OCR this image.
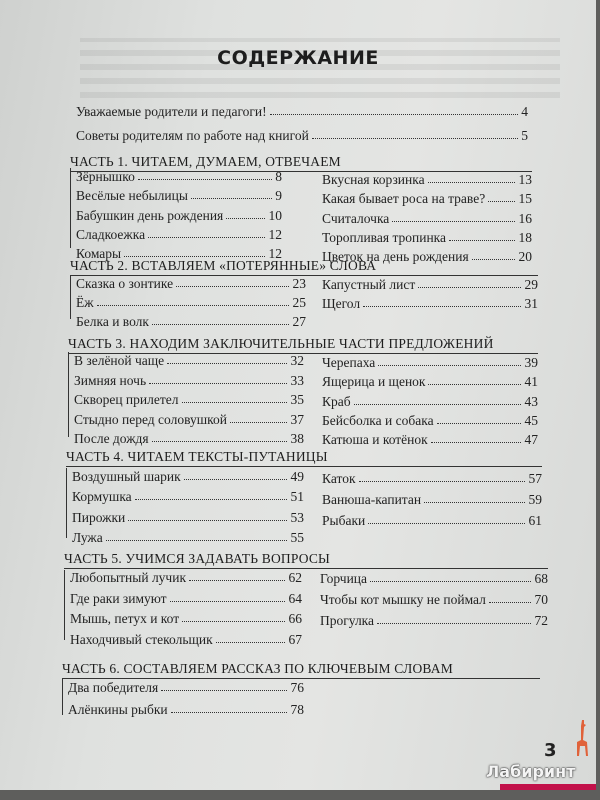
СОДЕРЖАНИЕ
Уважаемые родители и педагоги!	4
Советы родителям по работе над книгой	5
ЧАСТЬ 1. ЧИТАЕМ, ДУМАЕМ, ОТВЕЧАЕМ
Зёрнышко	8
Весёлые небылицы	9
Бабушкин день рождения	10
Сладкоежка	12
Комары	12
Вкусная корзинка	13
Какая бывает роса на траве? 15
Считалочка	16
Торопливая тропинка	18
Цветок на день рождения	20
ЧАСТЬ 2. ВСТАВЛЯЕМ «ПОТЕРЯННЫЕ» СЛОВА
Сказка о зонтике	23
Ёж	25
Белка и волк	27
Капустный лист	29
Щегол	31
ЧАСТЬ 3. НАХОДИМ ЗАКЛЮЧИТЕЛЬНЫЕ ЧАСТИ ПРЕДЛОЖЕНИЙ
В зелёной чаще	32
Зимняя ночь	33
Скворец прилетел	35
Стыдно перед соловушкой	37
После дождя	38
Черепаха	39
Ящерица и щенок	41
Краб	43
Бейсболка и собака	45
Катюша и котёнок	47
ЧАСТЬ 4. ЧИТАЕМ ТЕКСТЫ-ПУТАНИЦЫ
Воздушный шарик	49
Кормушка	51
Пирожки	53
Лужа	55
Каток	57
Ванюша-капитан	59
Рыбаки	61
ЧАСТЬ 5. УЧИМСЯ ЗАДАВАТЬ ВОПРОСЫ
Любопытный лучик	62
Где раки зимуют	64
Мышь, петух и кот	66
Находчивый стекольщик	67
Горчица	68
Чтобы кот мышку не поймал	70
Прогулка	72
ЧАСТЬ 6. СОСТАВЛЯЕМ РАССКАЗ ПО КЛЮЧЕВЫМ СЛОВАМ
Два победителя	76
Алёнкины рыбки	78
3
Лабиринт
